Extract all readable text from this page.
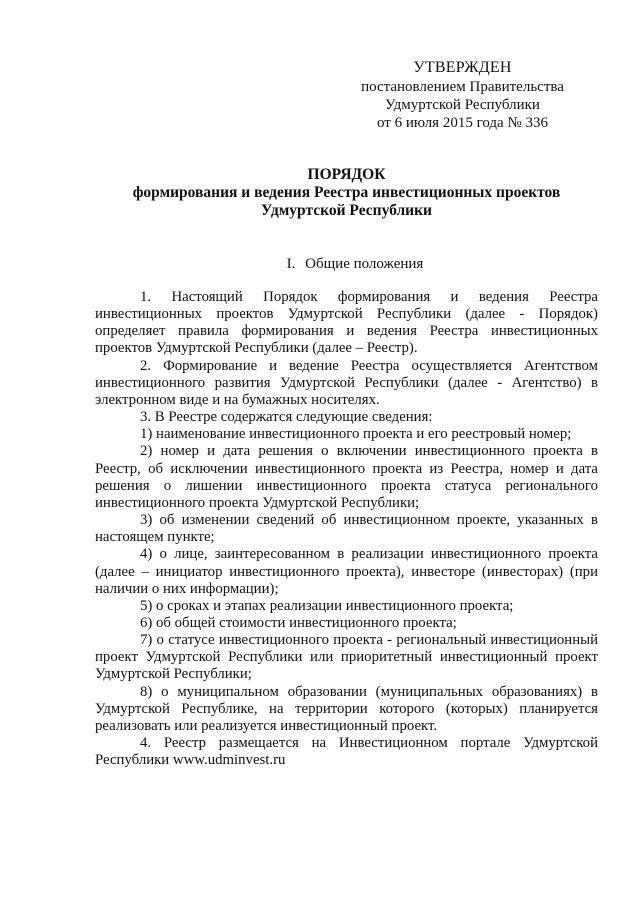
УТВЕРЖДЕН
постановлением Правительства
Удмуртской Республики
от 6 июля 2015 года № 336
ПОРЯДОК
формирования и ведения Реестра инвестиционных проектов
Удмуртской Республики
I. Общие положения
1. Настоящий Порядок формирования и ведения Реестра
инвестиционных проектов Удмуртской Республики (далее - Порядок)
определяет правила формирования и ведения Реестра инвестиционных
проектов Удмуртской Республики (далее – Реестр).
2. Формирование и ведение Реестра осуществляется Агентством
инвестиционного развития Удмуртской Республики (далее - Агентство) в
электронном виде и на бумажных носителях.
3. В Реестре содержатся следующие сведения:
1) наименование инвестиционного проекта и его реестровый номер;
2) номер и дата решения о включении инвестиционного проекта в
Реестр, об исключении инвестиционного проекта из Реестра, номер и дата
решения о лишении инвестиционного проекта статуса регионального
инвестиционного проекта Удмуртской Республики;
3) об изменении сведений об инвестиционном проекте, указанных в
настоящем пункте;
4) о лице, заинтересованном в реализации инвестиционного проекта
(далее – инициатор инвестиционного проекта), инвесторе (инвесторах) (при
наличии о них информации);
5) о сроках и этапах реализации инвестиционного проекта;
6) об общей стоимости инвестиционного проекта;
7) о статусе инвестиционного проекта - региональный инвестиционный
проект Удмуртской Республики или приоритетный инвестиционный проект
Удмуртской Республики;
8) о муниципальном образовании (муниципальных образованиях) в
Удмуртской Республике, на территории которого (которых) планируется
реализовать или реализуется инвестиционный проект.
4. Реестр размещается на Инвестиционном портале Удмуртской
Республики www.udminvest.ru
